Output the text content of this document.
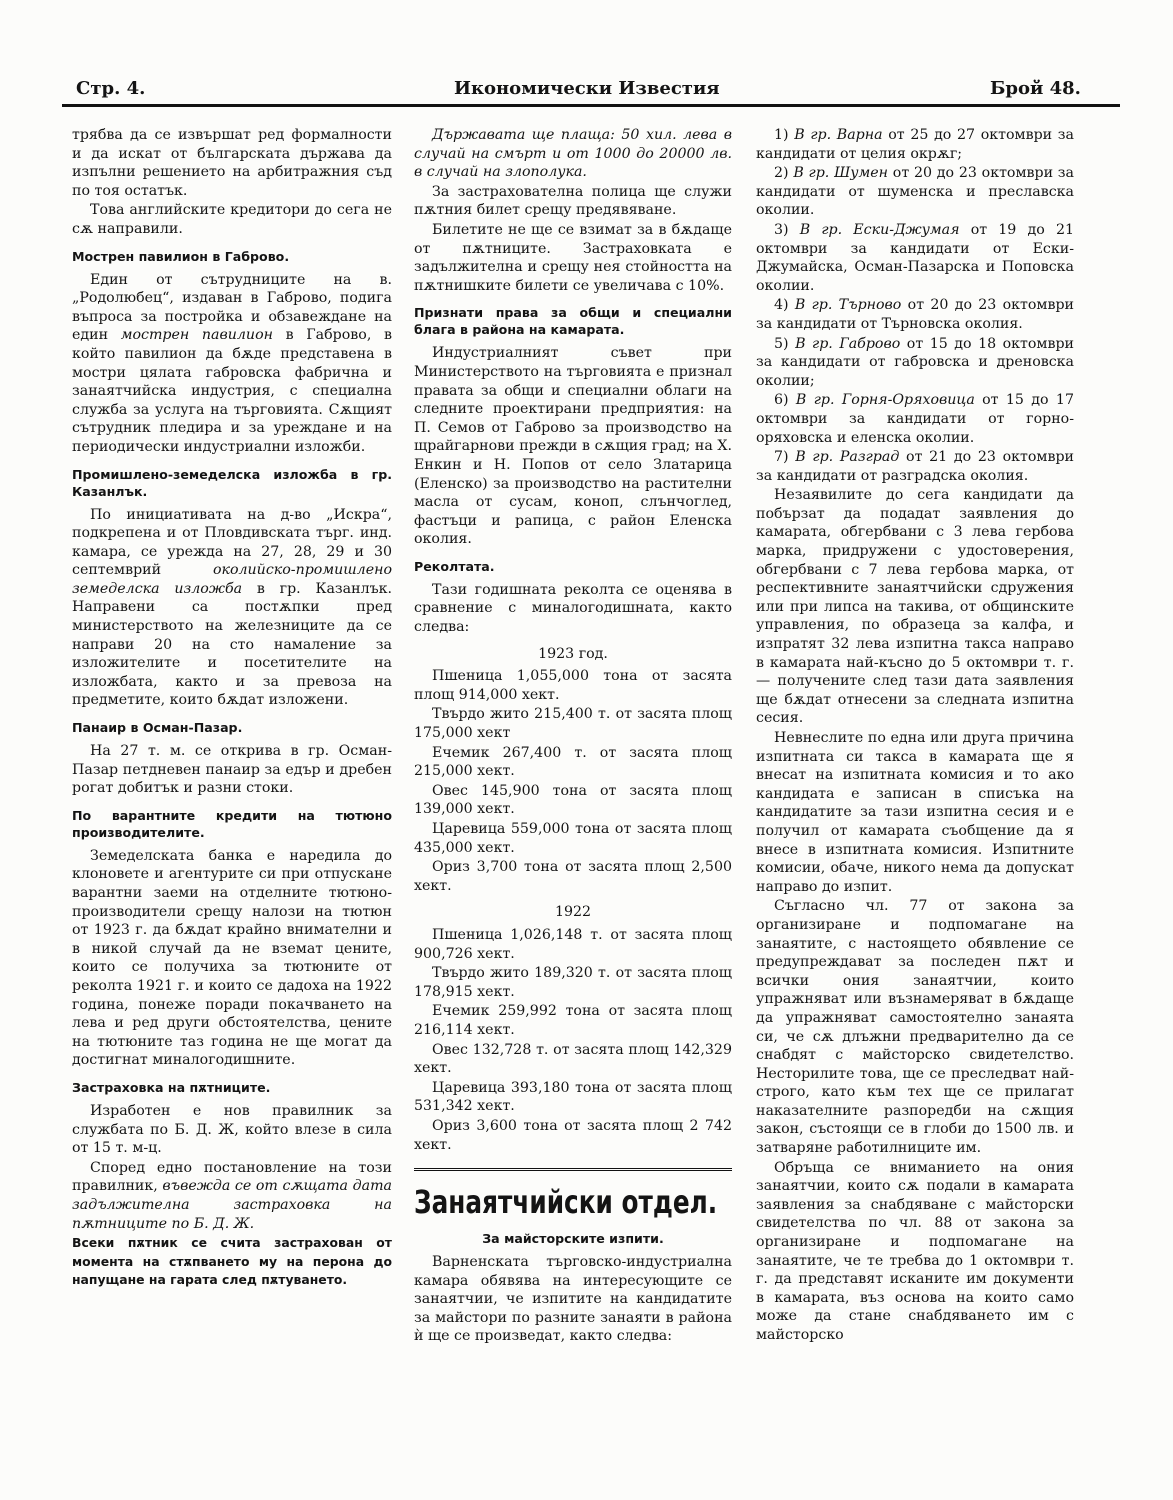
Стр. 4.	Икономически Известия	Брой 48.

трябва да се извършат ред формалности и да искат от българската държава да изпълни решението на арбитражния съд по тоя остатък.

Това английските кредитори до сега не сѫ направили.

Мострен павилион в Габрово.

Един от сътрудниците на в. „Родолюбец“, издаван в Габрово, подига въпроса за постройка и обзавеждане на един мострен павилион в Габрово, в който павилион да бѫде представена в мостри цялата габровска фабрична и занаятчийска индустрия, с специална служба за услуга на търговията. Сѫщият сътрудник пледира и за уреждане и на периодически индустриални изложби.

Промишлено-земеделска изложба в гр. Казанлък.

По инициативата на д-во „Искра“, подкрепена и от Пловдивската търг. инд. камара, се урежда на 27, 28, 29 и 30 септемврий околийско-промишлено земеделска изложба в гр. Казанлък. Направени са постѫпки пред министерството на железниците да се направи 20 на сто намаление за изложителите и посетителите на изложбата, както и за превоза на предметите, които бѫдат изложени.

Панаир в Осман-Пазар.

На 27 т. м. се открива в гр. Осман-Пазар петдневен панаир за едър и дребен рогат добитък и разни стоки.

По варантните кредити на тютюно производителите.

Земеделската банка е наредила до клоновете и агентурите си при отпускане варантни заеми на отделните тютюно-производители срещу налози на тютюн от 1923 г. да бѫдат крайно внимателни и в никой случай да не вземат цените, които се получиха за тютюните от реколта 1921 г. и които се дадоха на 1922 година, понеже поради покачването на лева и ред други обстоятелства, цените на тютюните таз година не ще могат да достигнат миналогодишните.

Застраховка на пѫтниците.

Изработен е нов правилник за службата по Б. Д. Ж, който влезе в сила от 15 т. м-ц.

Според едно постановление на този правилник, въвежда се от сѫщата дата задължителна застраховка на пѫтниците по Б. Д. Ж.

Всеки пѫтник се счита застрахован от момента на стѫпването му на перона до напущане на гарата след пѫтуването.

Държавата ще плаща: 50 хил. лева в случай на смърт и от 1000 до 20000 лв. в случай на злополука.

За застрахователна полица ще служи пѫтния билет срещу предявяване.

Билетите не ще се взимат за в бѫдаще от пѫтниците. Застраховката е задължителна и срещу нея стойността на пѫтнишките билети се увеличава с 10%.

Признати права за общи и специални блага в района на камарата.

Индустриалният съвет при Министерството на търговията е признал правата за общи и специални облаги на следните проектирани предприятия: на П. Семов от Габрово за производство на щрайгарнови прежди в сѫщия град; на Х. Енкин и Н. Попов от село Златарица (Еленско) за производство на растителни масла от сусам, коноп, слънчоглед, фастъци и рапица, с район Еленска околия.

Реколтата.

Тази годишната реколта се оценява в сравнение с миналогодишната, както следва:

1923 год.

Пшеница 1,055,000 тона от засята площ 914,000 хект.

Твърдо жито 215,400 т. от засята площ 175,000 хект

Ечемик 267,400 т. от засята площ 215,000 хект.

Овес 145,900 тона от засята площ 139,000 хект.

Царевица 559,000 тона от засята площ 435,000 хект.

Ориз 3,700 тона от засята площ 2,500 хект.

1922

Пшеница 1,026,148 т. от засята площ 900,726 хект.

Твърдо жито 189,320 т. от засята площ 178,915 хект.

Ечемик 259,992 тона от засята площ 216,114 хект.

Овес 132,728 т. от засята площ 142,329 хект.

Царевица 393,180 тона от засята площ 531,342 хект.

Ориз 3,600 тона от засята площ 2 742 хект.

Занаятчийски отдел.
За майсторските изпити.

Варненската търговско-индустриална камара обявява на интересующите се занаятчии, че изпитите на кандидатите за майстори по разните занаяти в района ѝ ще се произведат, както следва:

1) В гр. Варна от 25 до 27 октомври за кандидати от целия окрѫг;

2) В гр. Шумен от 20 до 23 октомври за кандидати от шуменска и преславска околии.

3) В гр. Ески-Джумая от 19 до 21 октомври за кандидати от Ески-Джумайска, Осман-Пазарска и Поповска околии.

4) В гр. Търново от 20 до 23 октомври за кандидати от Търновска околия.

5) В гр. Габрово от 15 до 18 октомври за кандидати от габровска и дреновска околии;

6) В гр. Горня-Оряховица от 15 до 17 октомври за кандидати от горно-оряховска и еленска околии.

7) В гр. Разград от 21 до 23 октомври за кандидати от разградска околия.

Незаявилите до сега кандидати да побързат да подадат заявления до камарата, обгербвани с 3 лева гербова марка, придружени с удостоверения, обгербвани с 7 лева гербова марка, от респективните занаятчийски сдружения или при липса на такива, от общинските управления, по образеца за калфа, и изпратят 32 лева изпитна такса направо в камарата най-късно до 5 октомври т. г. — получените след тази дата заявления ще бѫдат отнесени за следната изпитна сесия.

Невнеслите по една или друга причина изпитната си такса в камарата ще я внесат на изпитната комисия и то ако кандидата е записан в списъка на кандидатите за тази изпитна сесия и е получил от камарата съобщение да я внесе в изпитната комисия. Изпитните комисии, обаче, никого нема да допускат направо до изпит.

Съгласно чл. 77 от закона за организиране и подпомагане на занаятите, с настоящето обявление се предупреждават за последен пѫт и всички ония занаятчии, които упражняват или възнамеряват в бѫдаще да упражняват самостоятелно занаята си, че сѫ длъжни предварително да се снабдят с майсторско свидетелство. Несторилите това, ще се преследват най-строго, като към тех ще се прилагат наказателните разпоредби на сѫщия закон, състоящи се в глоби до 1500 лв. и затваряне работилниците им.

Обръща се вниманието на ония занаятчии, които сѫ подали в камарата заявления за снабдяване с майсторски свидетелства по чл. 88 от закона за организиране и подпомагане на занаятите, че те требва до 1 октомври т. г. да представят исканите им документи в камарата, въз основа на които само може да стане снабдяването им с майсторско
